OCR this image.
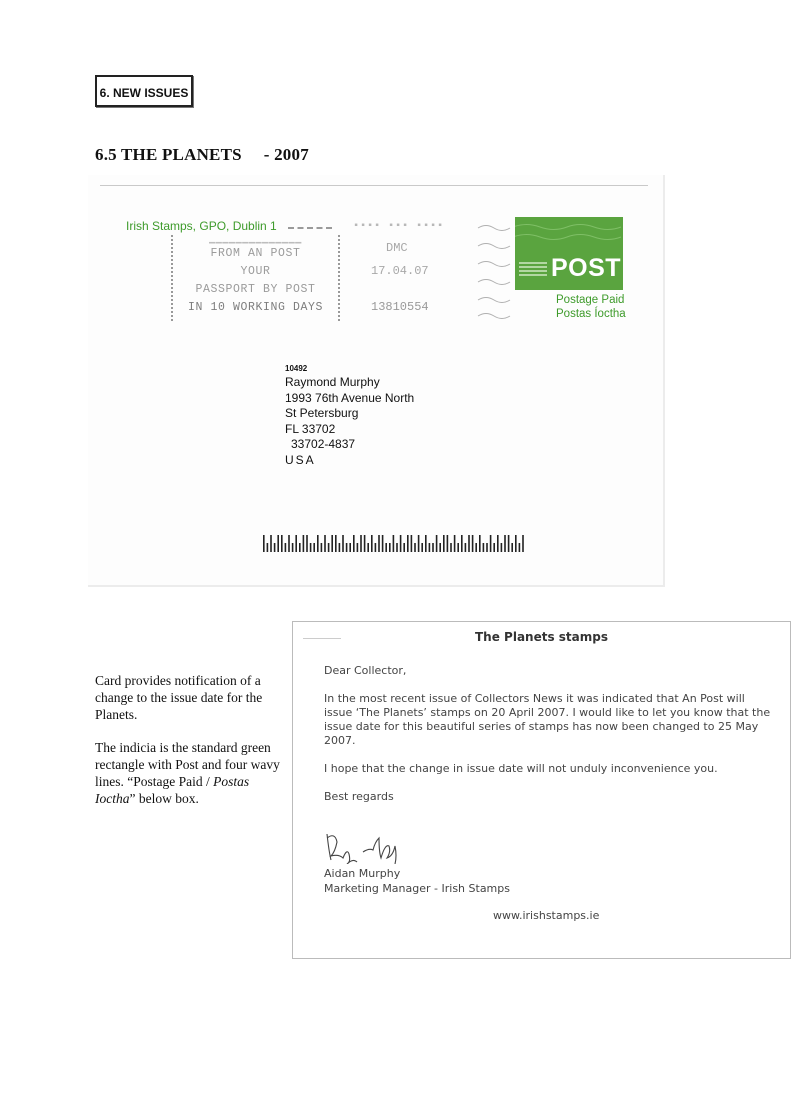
6. NEW ISSUES
6.5 THE PLANETS - 2007
Irish Stamps, GPO, Dublin 1
▁▁▁▁▁▁▁▁▁▁▁▁▁▁
FROM AN POST
YOUR
PASSPORT BY POST
IN 10 WORKING DAYS
▪▪▪▪ ▪▪▪ ▪▪▪▪
DMC
17.04.07
13810554
POST
Postage Paid
Postas Íoctha
10492
Raymond Murphy
1993 76th Avenue North
St Petersburg
FL 33702
33702-4837
USA

Card provides notification of a change to the issue date for the Planets.

The indicia is the standard green rectangle with Post and four wavy lines. “Postage Paid / Postas Ioctha” below box.

The Planets stamps

Dear Collector,

In the most recent issue of Collectors News it was indicated that An Post will issue ‘The Planets’ stamps on 20 April 2007. I would like to let you know that the issue date for this beautiful series of stamps has now been changed to 25 May 2007.

I hope that the change in issue date will not unduly inconvenience you.

Best regards

Aidan Murphy
Marketing Manager - Irish Stamps
www.irishstamps.ie
